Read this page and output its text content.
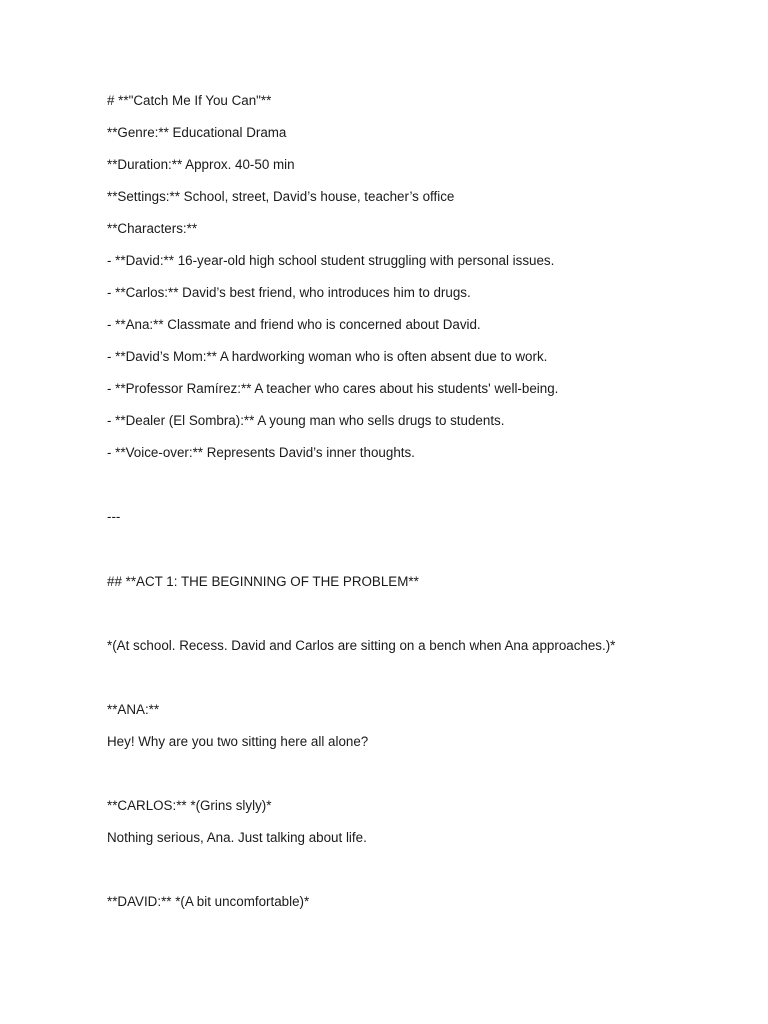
# **"Catch Me If You Can"**
**Genre:** Educational Drama
**Duration:** Approx. 40-50 min
**Settings:** School, street, David’s house, teacher’s office
**Characters:**
- **David:** 16-year-old high school student struggling with personal issues.
- **Carlos:** David’s best friend, who introduces him to drugs.
- **Ana:** Classmate and friend who is concerned about David.
- **David’s Mom:** A hardworking woman who is often absent due to work.
- **Professor Ramírez:** A teacher who cares about his students' well-being.
- **Dealer (El Sombra):** A young man who sells drugs to students.
- **Voice-over:** Represents David’s inner thoughts.
---
## **ACT 1: THE BEGINNING OF THE PROBLEM**
*(At school. Recess. David and Carlos are sitting on a bench when Ana approaches.)*
**ANA:**
Hey! Why are you two sitting here all alone?
**CARLOS:** *(Grins slyly)*
Nothing serious, Ana. Just talking about life.
**DAVID:** *(A bit uncomfortable)*
